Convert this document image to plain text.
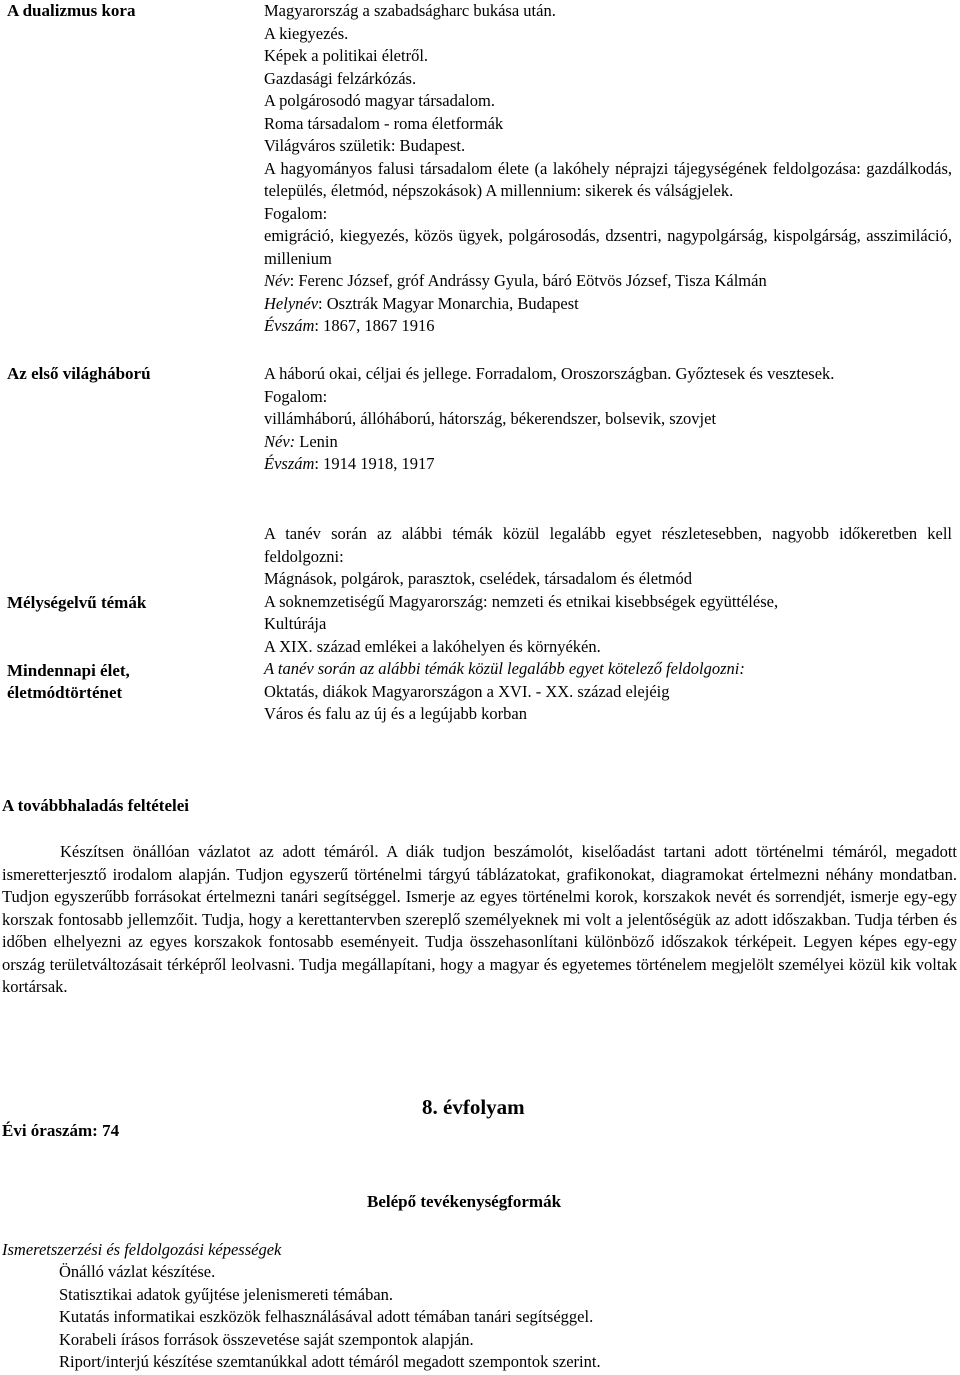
A dualizmus kora
Az első világháború
Mélységelvű témák
Mindennapi élet,
életmódtörténet
Magyarország a szabadságharc bukása után.
A kiegyezés.
Képek a politikai életről.
Gazdasági felzárkózás.
A polgárosodó magyar társadalom.
Roma társadalom - roma életformák
Világváros születik: Budapest.
A hagyományos falusi társadalom élete (a lakóhely néprajzi tájegységének feldolgozása: gazdálkodás, település, életmód, népszokások) A millennium: sikerek és válságjelek.
Fogalom:
emigráció, kiegyezés, közös ügyek, polgárosodás, dzsentri, nagypolgárság, kispolgárság, asszimiláció, millenium
Név: Ferenc József, gróf Andrássy Gyula, báró Eötvös József, Tisza Kálmán
Helynév: Osztrák Magyar Monarchia, Budapest
Évszám: 1867, 1867 1916
A háború okai, céljai és jellege. Forradalom, Oroszországban. Győztesek és vesztesek.
Fogalom:
villámháború, állóháború, hátország, békerendszer, bolsevik, szovjet
Név: Lenin
Évszám: 1914 1918, 1917
A tanév során az alábbi témák közül legalább egyet részletesebben, nagyobb időkeretben kell feldolgozni:
Mágnások, polgárok, parasztok, cselédek, társadalom és életmód
A soknemzetiségű Magyarország: nemzeti és etnikai kisebbségek együttélése,
Kultúrája
A XIX. század emlékei a lakóhelyen és környékén.
A tanév során az alábbi témák közül legalább egyet kötelező feldolgozni:
Oktatás, diákok Magyarországon a XVI. - XX. század elejéig
Város és falu az új és a legújabb korban
A továbbhaladás feltételei
Készítsen önállóan vázlatot az adott témáról. A diák tudjon beszámolót, kiselőadást tartani adott történelmi témáról, megadott ismeretterjesztő irodalom alapján. Tudjon egyszerű történelmi tárgyú táblázatokat, grafikonokat, diagramokat értelmezni néhány mondatban. Tudjon egyszerűbb forrásokat értelmezni tanári segítséggel. Ismerje az egyes történelmi korok, korszakok nevét és sorrendjét, ismerje egy-egy korszak fontosabb jellemzőit. Tudja, hogy a kerettantervben szereplő személyeknek mi volt a jelentőségük az adott időszakban. Tudja térben és időben elhelyezni az egyes korszakok fontosabb eseményeit. Tudja összehasonlítani különböző időszakok térképeit. Legyen képes egy-egy ország területváltozásait térképről leolvasni. Tudja megállapítani, hogy a magyar és egyetemes történelem megjelölt személyei közül kik voltak kortársak.
Évi óraszám: 74
8. évfolyam
Belépő tevékenységformák
Ismeretszerzési és feldolgozási képességek
Önálló vázlat készítése.
Statisztikai adatok gyűjtése jelenismereti témában.
Kutatás informatikai eszközök felhasználásával adott témában tanári segítséggel.
Korabeli írásos források összevetése saját szempontok alapján.
Riport/interjú készítése szemtanúkkal adott témáról megadott szempontok szerint.
